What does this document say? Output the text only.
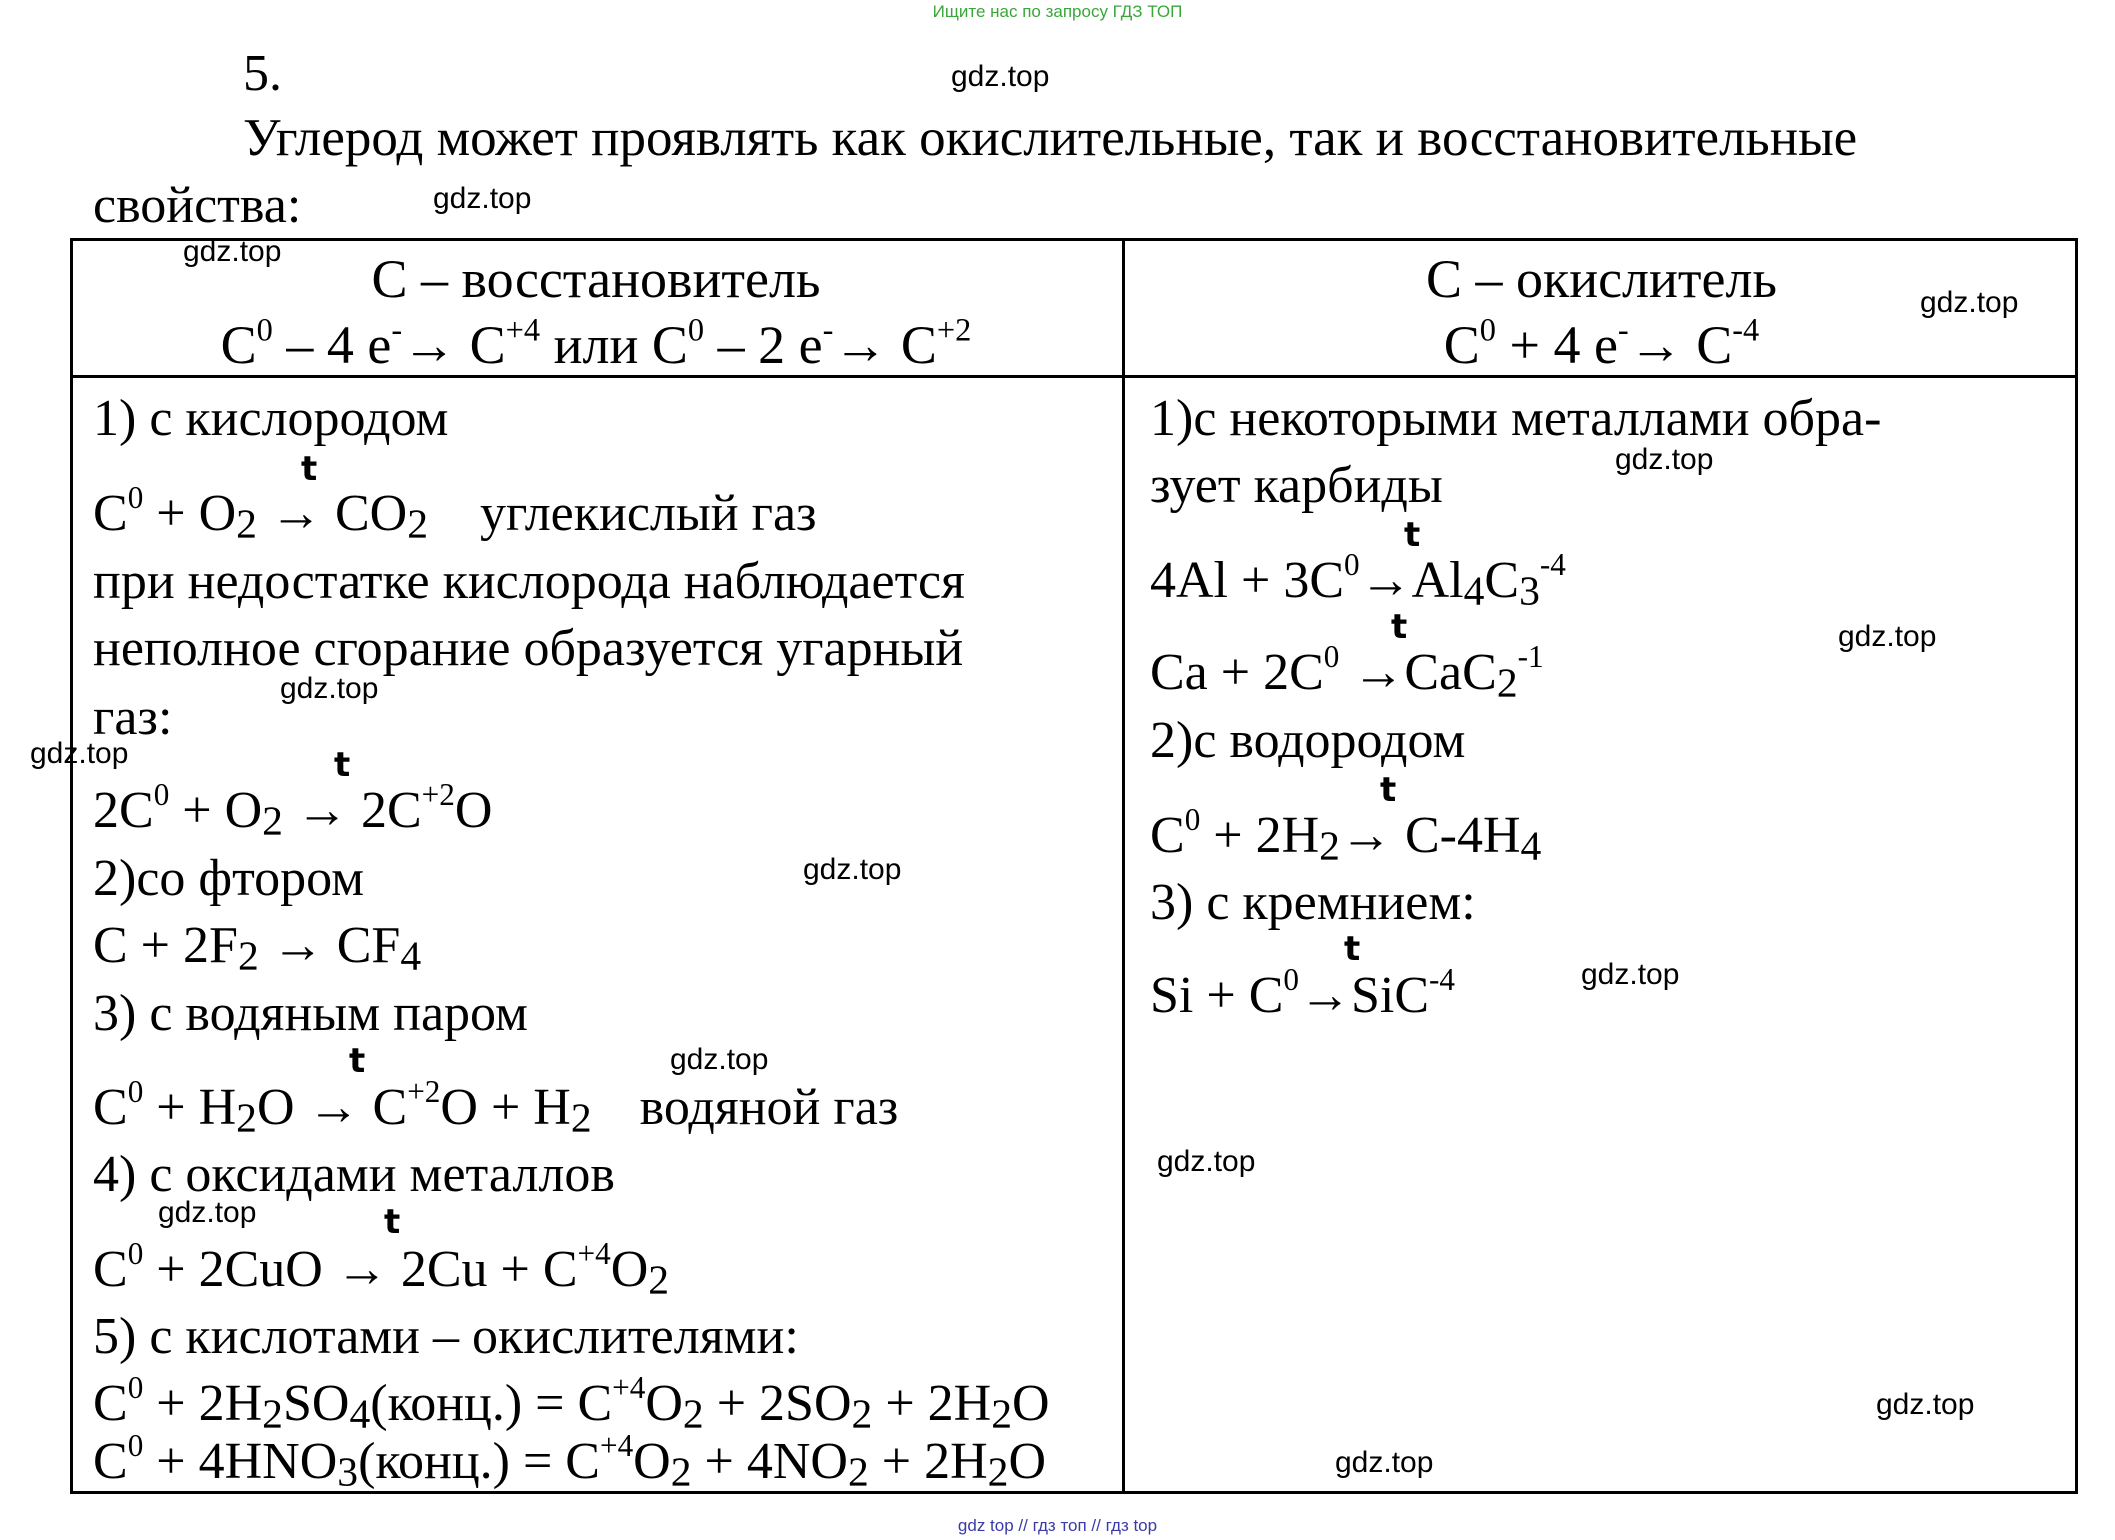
Ищите нас по запросу ГДЗ ТОП
5.
Углерод может проявлять как окислительные, так и восстановительные
свойства:
C – восстановитель
$C^0 - 4$ $e^-\to C^{+4}$ или $C^0 - 2$ $e^-\to C^{+2}$
C – окислитель
$C^0 + 4$ $e^-\to C^{-4}$
1) с кислородом
t
$C^0 + O_2 \to CO_2$ углекислый газ
при недостатке кислорода наблюдается
неполное сгорание образуется угарный
газ:
t
$2C^0 + O_2 \to 2C^{+2}O$
2)со фтором
$C + 2F_2 \to CF_4$
3) с водяным паром
t
$C^0 + H_2O \to C^{+2}O + H_2$ водяной газ
4) с оксидами металлов
t
$C^0 + 2CuO \to 2Cu + C^{+4}O_2$
5) с кислотами – окислителями:
$C^0$ + $2H_2SO_4(конц.) = C^{+4}O_2 + 2SO_2 + 2H_2O$
$C^0$ + $4HNO_3(конц.) = C^{+4}O_2 + 4NO_2 + 2H_2O$
1)с некоторыми металлами обра-
зует карбиды
t
$4Al + 3C^0\to Al_4C_3^{-4}$
t
$Ca + 2C^0 \to CaC_2^{-1}$
2)с водородом
t
$C^0 + 2H_2\to C-4H_4$
3) с кремнием:
t
$Si + C^0\to SiC^{-4}$
gdz.top
gdz.top
gdz.top
gdz.top
gdz.top
gdz.top
gdz.top
gdz.top
gdz.top
gdz.top
gdz.top
gdz.top
gdz.top
gdz.top
gdz.top
gdz top // гдз топ // гдз top
